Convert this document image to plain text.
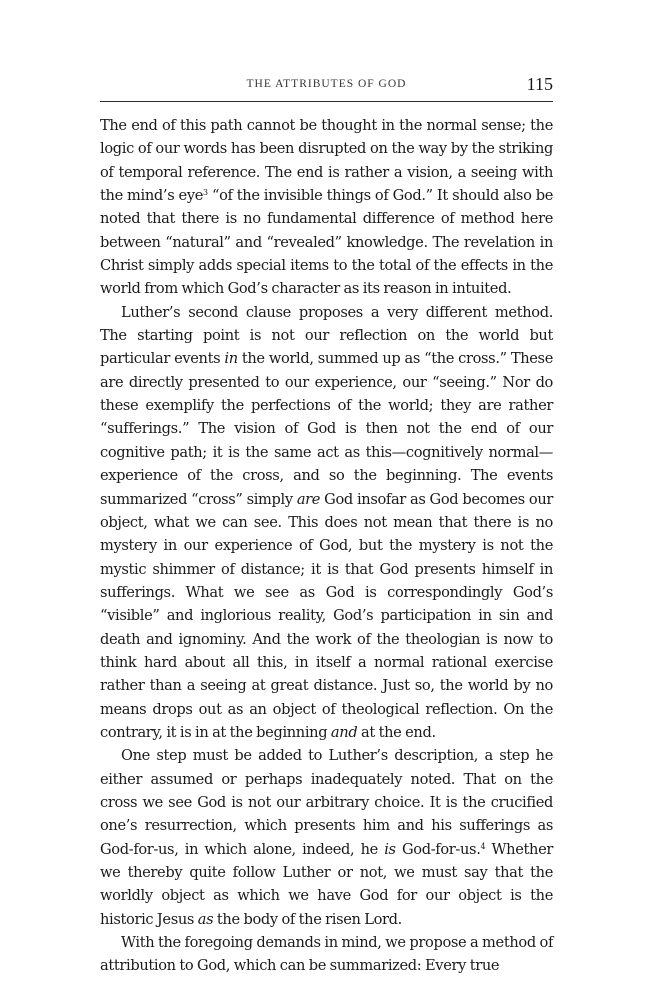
THE ATTRIBUTES OF GOD	115

The end of this path cannot be thought in the normal sense; the logic of our words has been disrupted on the way by the striking of temporal reference. The end is rather a vision, a seeing with the mind’s eye$^3$ “of the invisible things of God.” It should also be noted that there is no fundamental difference of method here between “natural” and “revealed” knowledge. The revelation in Christ simply adds special items to the total of the effects in the world from which God’s character as its reason in intuited.

Luther’s second clause proposes a very different method. The starting point is not our reflection on the world but particular events in the world, summed up as “the cross.” These are directly presented to our experience, our “seeing.” Nor do these exemplify the perfections of the world; they are rather “sufferings.” The vision of God is then not the end of our cognitive path; it is the same act as this—cognitively normal—experience of the cross, and so the beginning. The events summarized “cross” simply are God insofar as God becomes our object, what we can see. This does not mean that there is no mystery in our experience of God, but the mystery is not the mystic shimmer of distance; it is that God presents himself in sufferings. What we see as God is correspondingly God’s “visible” and inglorious reality, God’s participation in sin and death and ignominy. And the work of the theologian is now to think hard about all this, in itself a normal rational exercise rather than a seeing at great distance. Just so, the world by no means drops out as an object of theological reflection. On the contrary, it is in at the beginning and at the end.

One step must be added to Luther’s description, a step he either assumed or perhaps inadequately noted. That on the cross we see God is not our arbitrary choice. It is the crucified one’s resurrection, which presents him and his sufferings as God-for-us, in which alone, indeed, he is God-for-us.$^4$ Whether we thereby quite follow Luther or not, we must say that the worldly object as which we have God for our object is the historic Jesus as the body of the risen Lord.

With the foregoing demands in mind, we propose a method of attribution to God, which can be summarized: Every true
